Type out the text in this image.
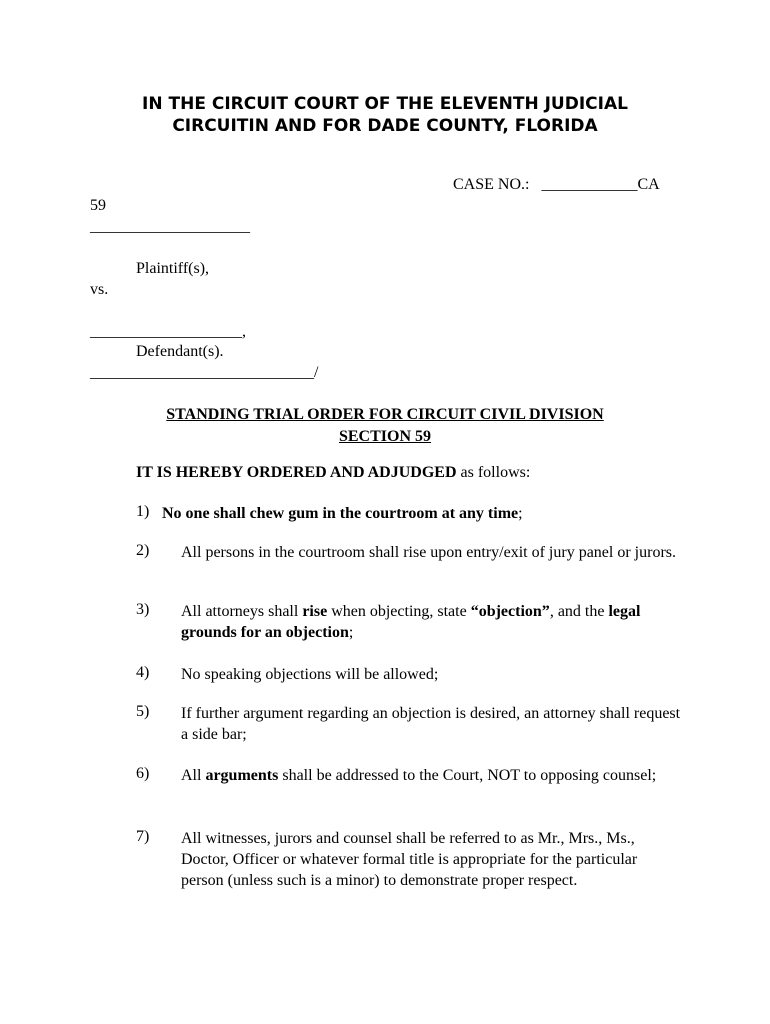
IN THE CIRCUIT COURT OF THE ELEVENTH JUDICIAL
CIRCUITIN AND FOR DADE COUNTY, FLORIDA
CASE NO.: ____________CA
59
____________________
Plaintiff(s),
vs.
___________________,
Defendant(s).
____________________________/
STANDING TRIAL ORDER FOR CIRCUIT CIVIL DIVISION
SECTION 59
IT IS HEREBY ORDERED AND ADJUDGED as follows:
1) No one shall chew gum in the courtroom at any time;
2) All persons in the courtroom shall rise upon entry/exit of jury panel or jurors.
3) All attorneys shall rise when objecting, state “objection”, and the legal grounds for an objection;
4) No speaking objections will be allowed;
5) If further argument regarding an objection is desired, an attorney shall request a side bar;
6) All arguments shall be addressed to the Court, NOT to opposing counsel;
7) All witnesses, jurors and counsel shall be referred to as Mr., Mrs., Ms., Doctor, Officer or whatever formal title is appropriate for the particular person (unless such is a minor) to demonstrate proper respect.
